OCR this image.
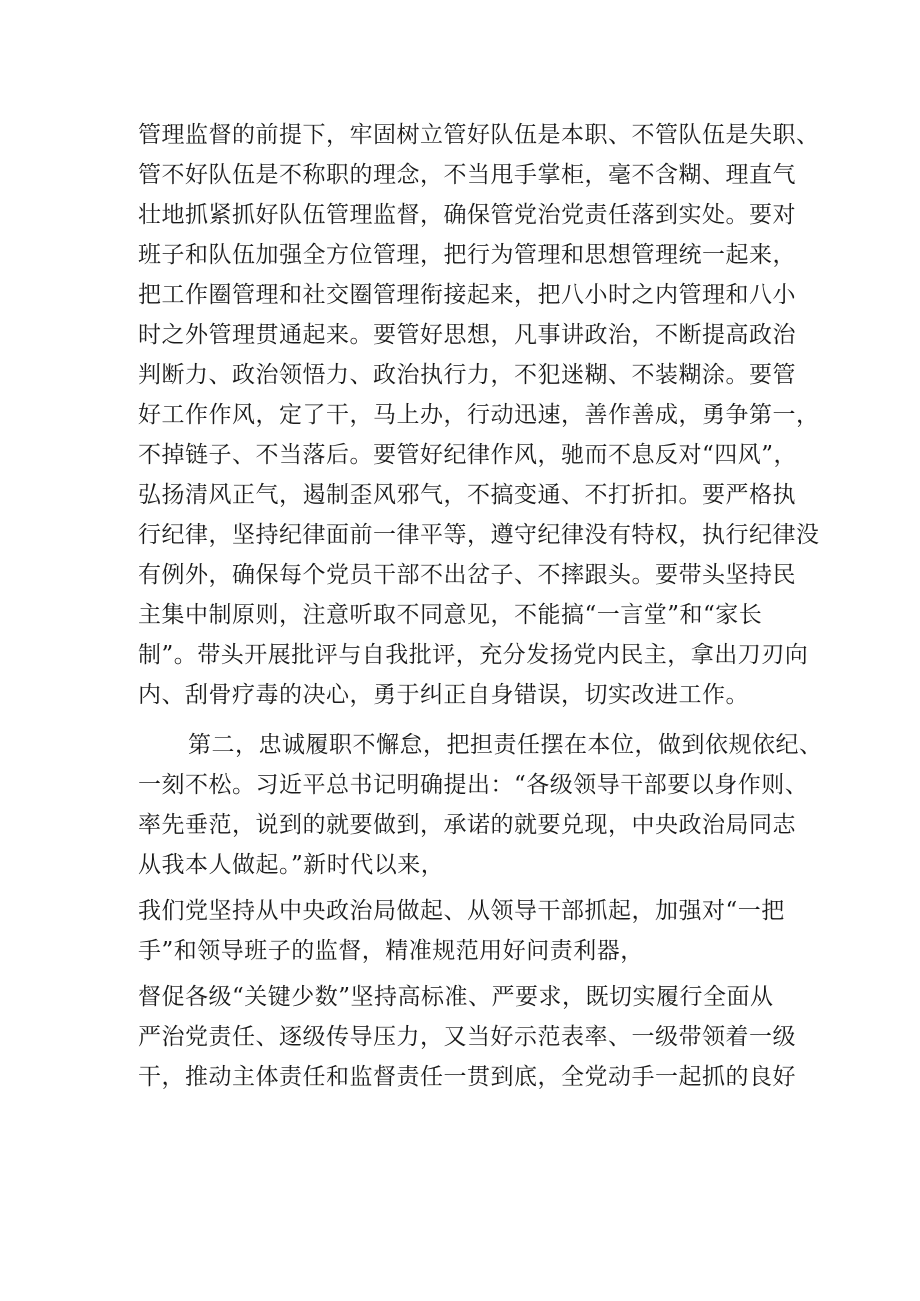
管理监督的前提下，牢固树立管好队伍是本职、不管队伍是失职、
管不好队伍是不称职的理念，不当甩手掌柜，毫不含糊、理直气
壮地抓紧抓好队伍管理监督，确保管党治党责任落到实处。要对
班子和队伍加强全方位管理，把行为管理和思想管理统一起来，
把工作圈管理和社交圈管理衔接起来，把八小时之内管理和八小
时之外管理贯通起来。要管好思想，凡事讲政治，不断提高政治
判断力、政治领悟力、政治执行力，不犯迷糊、不装糊涂。要管
好工作作风，定了干，马上办，行动迅速，善作善成，勇争第一，
不掉链子、不当落后。要管好纪律作风，驰而不息反对“四风”，
弘扬清风正气，遏制歪风邪气，不搞变通、不打折扣。要严格执
行纪律，坚持纪律面前一律平等，遵守纪律没有特权，执行纪律没
有例外，确保每个党员干部不出岔子、不摔跟头。要带头坚持民
主集中制原则，注意听取不同意见，不能搞“一言堂”和“家长
制”。带头开展批评与自我批评，充分发扬党内民主，拿出刀刃向
内、刮骨疗毒的决心，勇于纠正自身错误，切实改进工作。
第二，忠诚履职不懈怠，把担责任摆在本位，做到依规依纪、
一刻不松。习近平总书记明确提出：“各级领导干部要以身作则、
率先垂范，说到的就要做到，承诺的就要兑现，中央政治局同志
从我本人做起。”新时代以来，
我们党坚持从中央政治局做起、从领导干部抓起，加强对“一把
手”和领导班子的监督，精准规范用好问责利器，
督促各级“关键少数”坚持高标准、严要求，既切实履行全面从
严治党责任、逐级传导压力，又当好示范表率、一级带领着一级
干，推动主体责任和监督责任一贯到底，全党动手一起抓的良好
